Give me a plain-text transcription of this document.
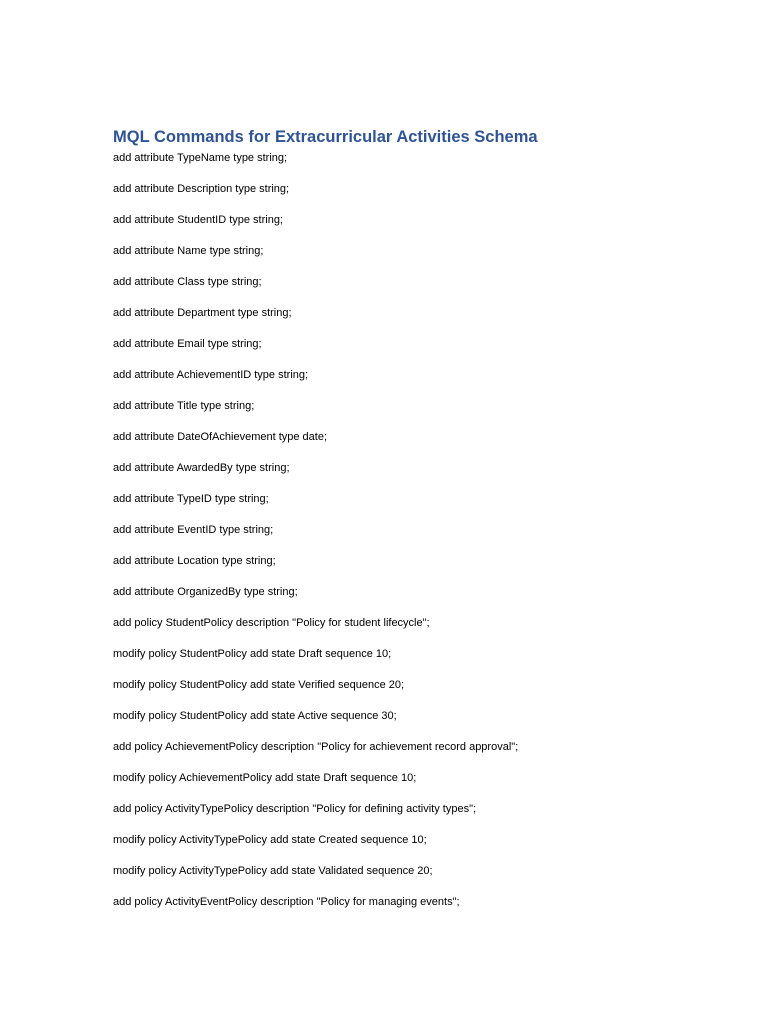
MQL Commands for Extracurricular Activities Schema
add attribute TypeName type string;
add attribute Description type string;
add attribute StudentID type string;
add attribute Name type string;
add attribute Class type string;
add attribute Department type string;
add attribute Email type string;
add attribute AchievementID type string;
add attribute Title type string;
add attribute DateOfAchievement type date;
add attribute AwardedBy type string;
add attribute TypeID type string;
add attribute EventID type string;
add attribute Location type string;
add attribute OrganizedBy type string;
add policy StudentPolicy description "Policy for student lifecycle";
modify policy StudentPolicy add state Draft sequence 10;
modify policy StudentPolicy add state Verified sequence 20;
modify policy StudentPolicy add state Active sequence 30;
add policy AchievementPolicy description "Policy for achievement record approval";
modify policy AchievementPolicy add state Draft sequence 10;
add policy ActivityTypePolicy description "Policy for defining activity types";
modify policy ActivityTypePolicy add state Created sequence 10;
modify policy ActivityTypePolicy add state Validated sequence 20;
add policy ActivityEventPolicy description "Policy for managing events";
